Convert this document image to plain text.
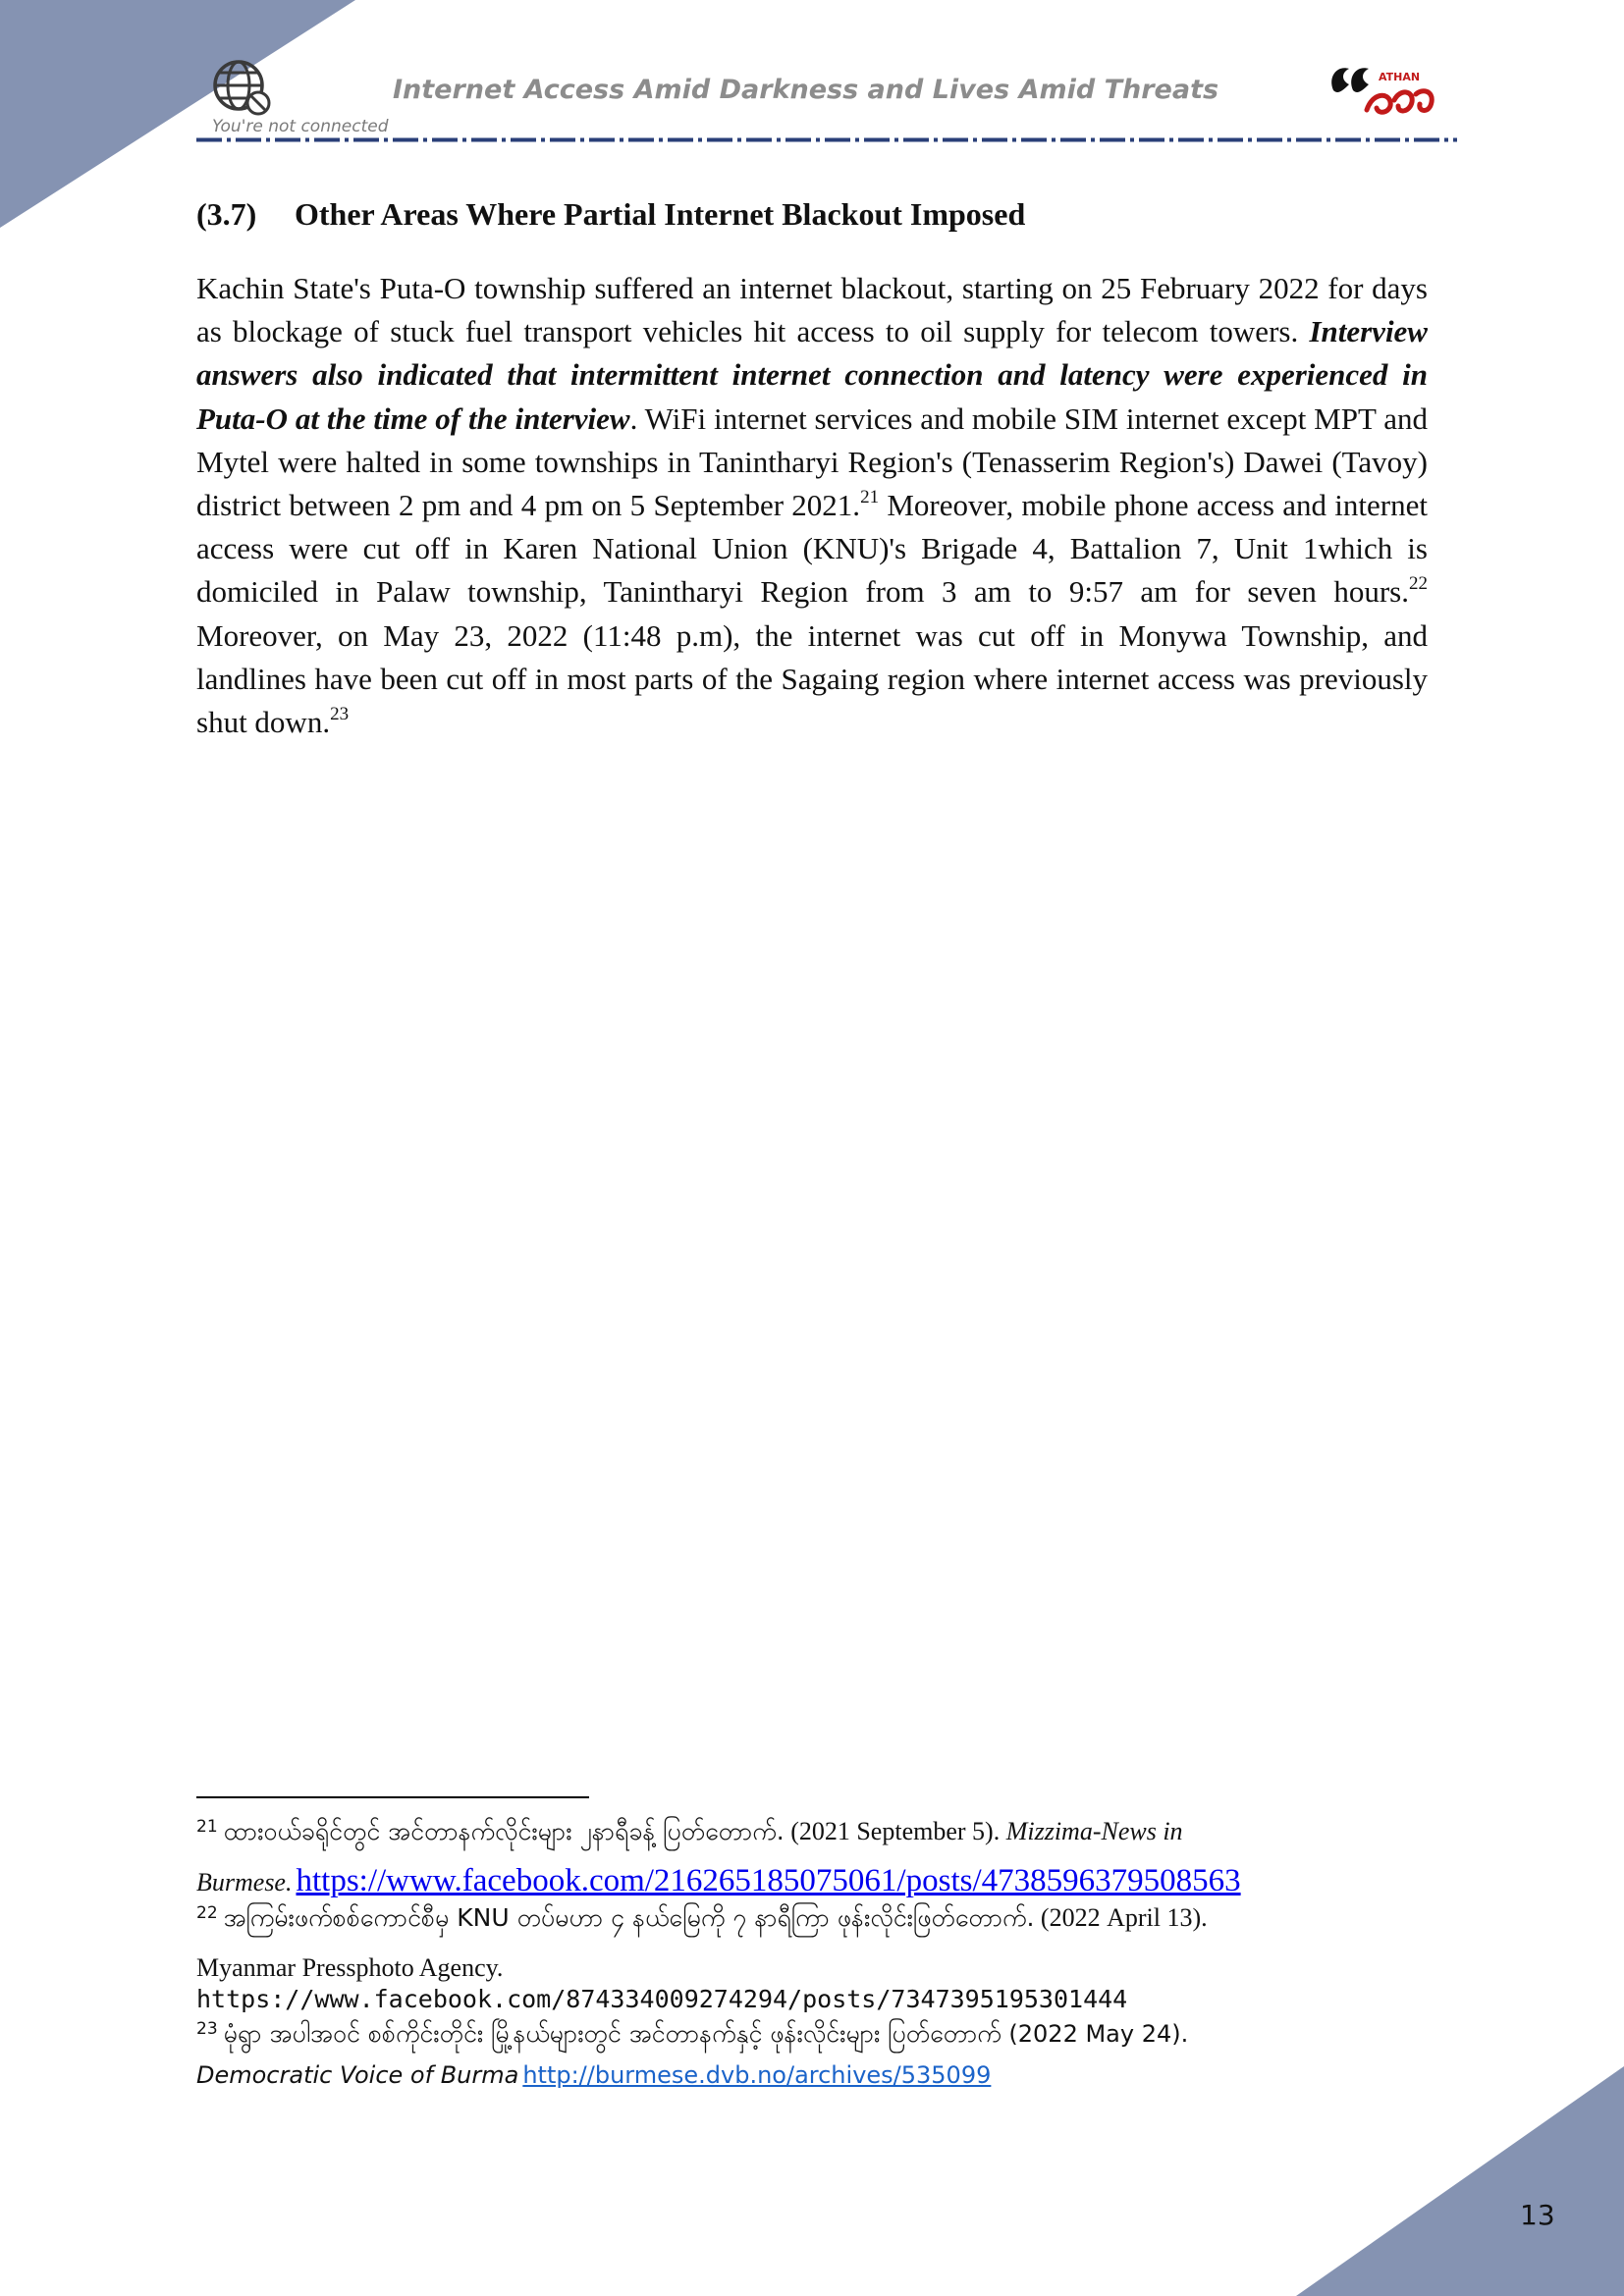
You're not connected
Internet Access Amid Darkness and Lives Amid Threats	ATHAN
(3.7) Other Areas Where Partial Internet Blackout Imposed
Kachin State's Puta-O township suffered an internet blackout, starting on 25 February 2022 for days as blockage of stuck fuel transport vehicles hit access to oil supply for telecom towers. Interview answers also indicated that intermittent internet connection and latency were experienced in Puta-O at the time of the interview. WiFi internet services and mobile SIM internet except MPT and Mytel were halted in some townships in Tanintharyi Region's (Tenasserim Region's) Dawei (Tavoy) district between 2 pm and 4 pm on 5 September 2021.21 Moreover, mobile phone access and internet access were cut off in Karen National Union (KNU)'s Brigade 4, Battalion 7, Unit 1which is domiciled in Palaw township, Tanintharyi Region from 3 am to 9:57 am for seven hours.$^{22}$ Moreover, on May 23, 2022 (11:48 p.m), the internet was cut off in Monywa Township, and landlines have been cut off in most parts of the Sagaing region where internet access was previously shut down.$^{23}$
21 ထားဝယ်ခရိုင်တွင် အင်တာနက်လိုင်းများ ၂နာရီခန့် ပြတ်တောက်. (2021 September 5). Mizzima-News in
Burmese. https://www.facebook.com/216265185075061/posts/4738596379508563
22 အကြမ်းဖက်စစ်ကောင်စီမှ KNU တပ်မဟာ ၄ နယ်မြေကို ၇ နာရီကြာ ဖုန်းလိုင်းဖြတ်တောက်. (2022 April 13).
Myanmar Pressphoto Agency.
https://www.facebook.com/874334009274294/posts/7347395195301444
23 မုံရွာ အပါအဝင် စစ်ကိုင်းတိုင်း မြို့နယ်များတွင် အင်တာနက်နှင့် ဖုန်းလိုင်းများ ပြတ်တောက် (2022 May 24).
Democratic Voice of Burma http://burmese.dvb.no/archives/535099
13
